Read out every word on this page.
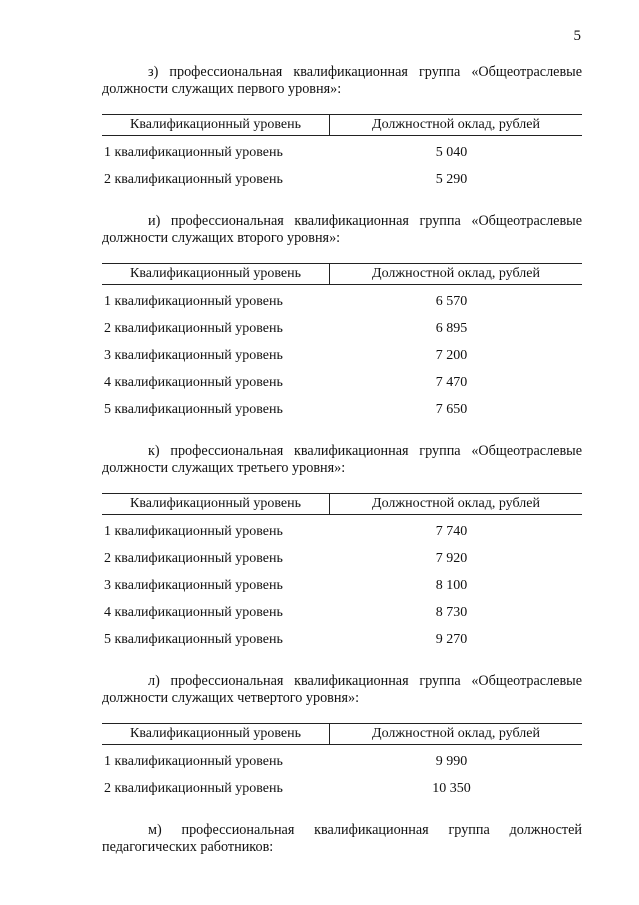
5

з) профессиональная квалификационная группа «Общеотраслевые
должности служащих первого уровня»:

Квалификационный уровень	Должностной оклад, рублей
1 квалификационный уровень	5 040
2 квалификационный уровень	5 290

и) профессиональная квалификационная группа «Общеотраслевые
должности служащих второго уровня»:

Квалификационный уровень	Должностной оклад, рублей
1 квалификационный уровень	6 570
2 квалификационный уровень	6 895
3 квалификационный уровень	7 200
4 квалификационный уровень	7 470
5 квалификационный уровень	7 650

к) профессиональная квалификационная группа «Общеотраслевые
должности служащих третьего уровня»:

Квалификационный уровень	Должностной оклад, рублей
1 квалификационный уровень	7 740
2 квалификационный уровень	7 920
3 квалификационный уровень	8 100
4 квалификационный уровень	8 730
5 квалификационный уровень	9 270

л) профессиональная квалификационная группа «Общеотраслевые
должности служащих четвертого уровня»:

Квалификационный уровень	Должностной оклад, рублей
1 квалификационный уровень	9 990
2 квалификационный уровень	10 350

м) профессиональная квалификационная группа должностей
педагогических работников:
